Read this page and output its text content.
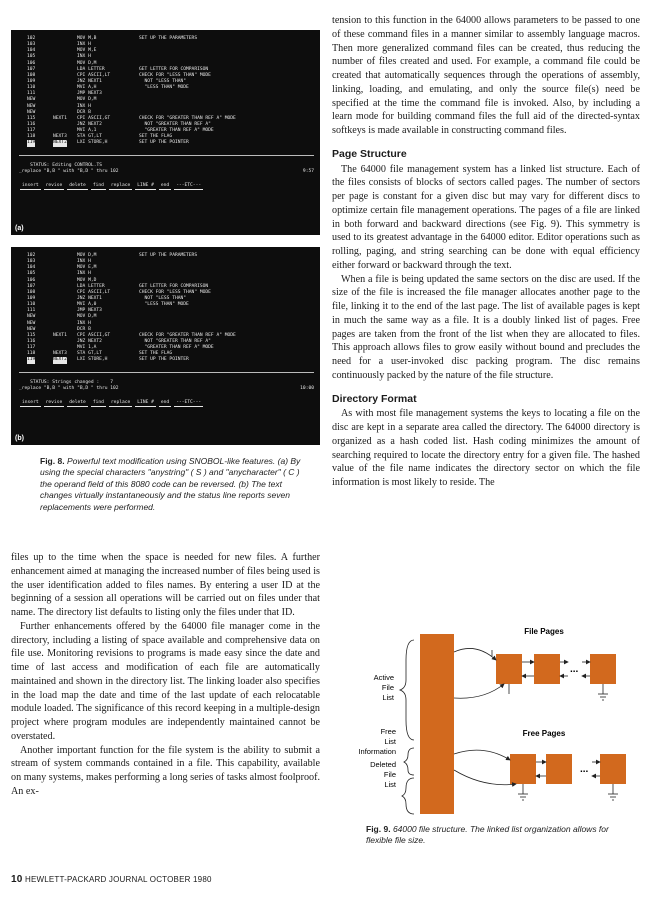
102	MOV M,B	SET UP THE PARAMETERS
103	INX H
104	MOV M,E
105	INX H
106	MOV D,M
107	LDA LETTER	GET LETTER FOR COMPARISON
108	CPI ASCII,LT	CHECK FOR "LESS THAN" MODE
109	JNZ NEXT1	NOT "LESS THAN"
110	MVI A,H	"LESS THAN" MODE
111	JMP NEXT3
NEW	MOV D,M
NEW	INX H
NEW	DCR B
115	NEXT1 CPI ASCII,GT	CHECK FOR "GREATER THAN REF A" MODE
116	JNZ NEXT2	NOT "GREATER THAN REF A"
117	MVI A,1	"GREATER THAN REF A" MODE
118	NEXT3 STA GT,LT	SET THE FLAG
119	NEXT2 LXI STORE,H	SET UP THE POINTER

STATUS: Editing CONTROL.TS

9:57

_replace "B,B " with "B,D " thru 102
insert	revise	delete	find	replace	LINE #	end	---ETC---
(a)
102	MOV D,M	SET UP THE PARAMETERS
103	INX H
104	MOV E,M
105	INX H
106	MOV M,D
107	LDA LETTER	GET LETTER FOR COMPARISON
108	CPI ASCII,LT	CHECK FOR "LESS THAN" MODE
109	JNZ NEXT1	NOT "LESS THAN"
110	MVI A,0	"LESS THAN" MODE
111	JMP NEXT3
NEW	MOV D,M
NEW	INX H
NEW	DCR B
115	NEXT1 CPI ASCII,GT	CHECK FOR "GREATER THAN REF A" MODE
116	JNZ NEXT2	NOT "GREATER THAN REF A"
117	MVI 1,A	"GREATER THAN REF A" MODE
118	NEXT3 STA GT,LT	SET THE FLAG
119	NEXT2 LXI STORE,H	SET UP THE POINTER

STATUS: Strings changed :    7

10:00

_replace "B,B " with "B,D " thru 102
insert	revise	delete	find	replace	LINE #	end	---ETC---
(b)
Fig. 8. Powerful text modification using SNOBOL-like features. (a) By using the special characters "anystring" ( S ) and "anycharacter" ( C ) the operand field of this 8080 code can be reversed. (b) The text changes virtually instantaneously and the status line reports seven replacements were performed.

files up to the time when the space is needed for new files. A further enhancement aimed at managing the increased number of files being used is the user identification added to files names. By entering a user ID at the beginning of a session all operations will be carried out on files under that name. The directory list defaults to listing only the files under that ID.

Further enhancements offered by the 64000 file manager come in the directory, including a listing of space available and comprehensive data on file use. Monitoring revisions to programs is made easy since the date and time of last access and modification of each file are automatically maintained and shown in the directory list. The linking loader also specifies in the load map the date and time of the last update of each relocatable module loaded. The significance of this record keeping in a multiple-design project where program modules are independently maintained cannot be overstated.

Another important function for the file system is the ability to submit a stream of system commands contained in a file. This capability, available on many systems, makes performing a long series of tasks almost foolproof. An ex-

tension to this function in the 64000 allows parameters to be passed to one of these command files in a manner similar to assembly language macros. Then more generalized command files can be created, thus reducing the number of files created and used. For example, a command file could be created that automatically sequences through the operations of assembly, linking, loading, and emulating, and only the source file(s) need be specified at the time the command file is invoked. Also, by including a learn mode for building command files the full aid of the directed-syntax softkeys is made available in constructing command files.

Page Structure

The 64000 file management system has a linked list structure. Each of the files consists of blocks of sectors called pages. The number of sectors per page is constant for a given disc but may vary for different discs to optimize certain file management operations. The pages of a file are linked in both forward and backward directions (see Fig. 9). This symmetry is used to its greatest advantage in the 64000 editor. Editor operations such as rolling, paging, and string searching can be done with equal efficiency either forward or backward through the text.

When a file is being updated the same sectors on the disc are used. If the size of the file is increased the file manager allocates another page to the file, linking it to the end of the last page. The list of available pages is kept in much the same way as a file. It is a doubly linked list of pages. Free pages are taken from the front of the list when they are allocated to files. This approach allows files to grow easily without bound and precludes the need for a user-invoked disc packing program. The disc remains continuously packed by the nature of the file structure.

Directory Format

As with most file management systems the keys to locating a file on the disc are kept in a separate area called the directory. The 64000 directory is organized as a hash coded list. Hash coding minimizes the amount of searching required to locate the directory entry for a given file. The hashed value of the file name indicates the directory sector on which the file information is most likely to reside. The

Active
File
List
Free
List
Information
Deleted
File
List
File Pages
Free Pages
...
...
Fig. 9. 64000 file structure. The linked list organization allows for flexible file size.
10 HEWLETT-PACKARD JOURNAL OCTOBER 1980
